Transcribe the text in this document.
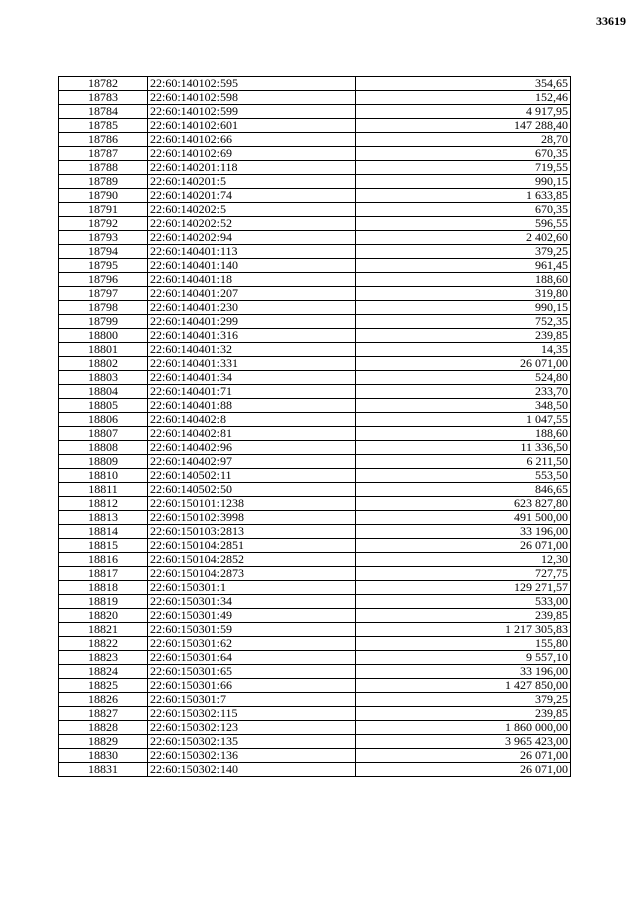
33619
18782	22:60:140102:595	354,65
18783	22:60:140102:598	152,46
18784	22:60:140102:599	4 917,95
18785	22:60:140102:601	147 288,40
18786	22:60:140102:66	28,70
18787	22:60:140102:69	670,35
18788	22:60:140201:118	719,55
18789	22:60:140201:5	990,15
18790	22:60:140201:74	1 633,85
18791	22:60:140202:5	670,35
18792	22:60:140202:52	596,55
18793	22:60:140202:94	2 402,60
18794	22:60:140401:113	379,25
18795	22:60:140401:140	961,45
18796	22:60:140401:18	188,60
18797	22:60:140401:207	319,80
18798	22:60:140401:230	990,15
18799	22:60:140401:299	752,35
18800	22:60:140401:316	239,85
18801	22:60:140401:32	14,35
18802	22:60:140401:331	26 071,00
18803	22:60:140401:34	524,80
18804	22:60:140401:71	233,70
18805	22:60:140401:88	348,50
18806	22:60:140402:8	1 047,55
18807	22:60:140402:81	188,60
18808	22:60:140402:96	11 336,50
18809	22:60:140402:97	6 211,50
18810	22:60:140502:11	553,50
18811	22:60:140502:50	846,65
18812	22:60:150101:1238	623 827,80
18813	22:60:150102:3998	491 500,00
18814	22:60:150103:2813	33 196,00
18815	22:60:150104:2851	26 071,00
18816	22:60:150104:2852	12,30
18817	22:60:150104:2873	727,75
18818	22:60:150301:1	129 271,57
18819	22:60:150301:34	533,00
18820	22:60:150301:49	239,85
18821	22:60:150301:59	1 217 305,83
18822	22:60:150301:62	155,80
18823	22:60:150301:64	9 557,10
18824	22:60:150301:65	33 196,00
18825	22:60:150301:66	1 427 850,00
18826	22:60:150301:7	379,25
18827	22:60:150302:115	239,85
18828	22:60:150302:123	1 860 000,00
18829	22:60:150302:135	3 965 423,00
18830	22:60:150302:136	26 071,00
18831	22:60:150302:140	26 071,00
